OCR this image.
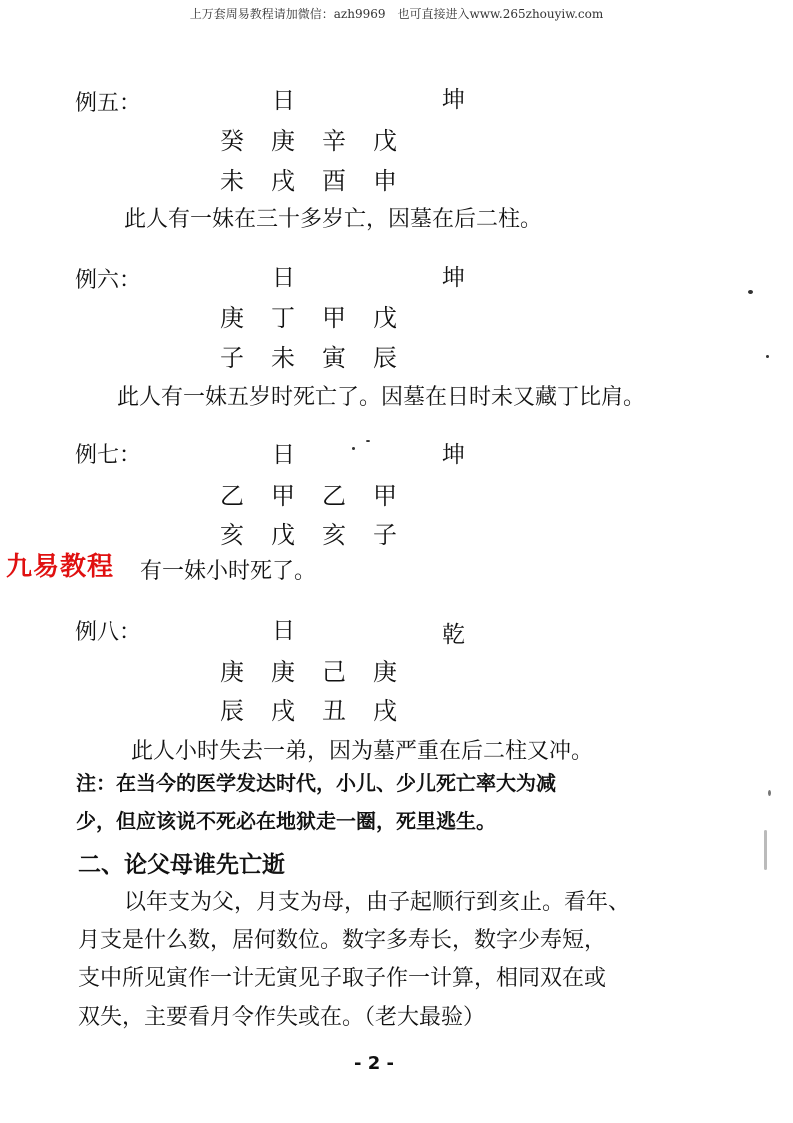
上万套周易教程请加微信：azh9969　也可直接进入www.265zhouyiw.com
例五：	日	坤
癸	庚	辛	戊
未	戌	酉	申
此人有一妹在三十多岁亡，因墓在后二柱。
例六：	日	坤
庚	丁	甲	戊
子	未	寅	辰
此人有一妹五岁时死亡了。因墓在日时未又藏丁比肩。
例七：	日	坤
乙	甲	乙	甲
亥	戊	亥	子
有一妹小时死了。
例八：	日	乾
庚	庚	己	庚
辰	戌	丑	戌
此人小时失去一弟，因为墓严重在后二柱又冲。
注：在当今的医学发达时代，小儿、少儿死亡率大为减
少，但应该说不死必在地狱走一圈，死里逃生。
二、论父母谁先亡逝
以年支为父，月支为母，由子起顺行到亥止。看年、
月支是什么数，居何数位。数字多寿长，数字少寿短，
支中所见寅作一计无寅见子取子作一计算，相同双在或
双失，主要看月令作失或在。（老大最验）
九易教程
- 2 -
